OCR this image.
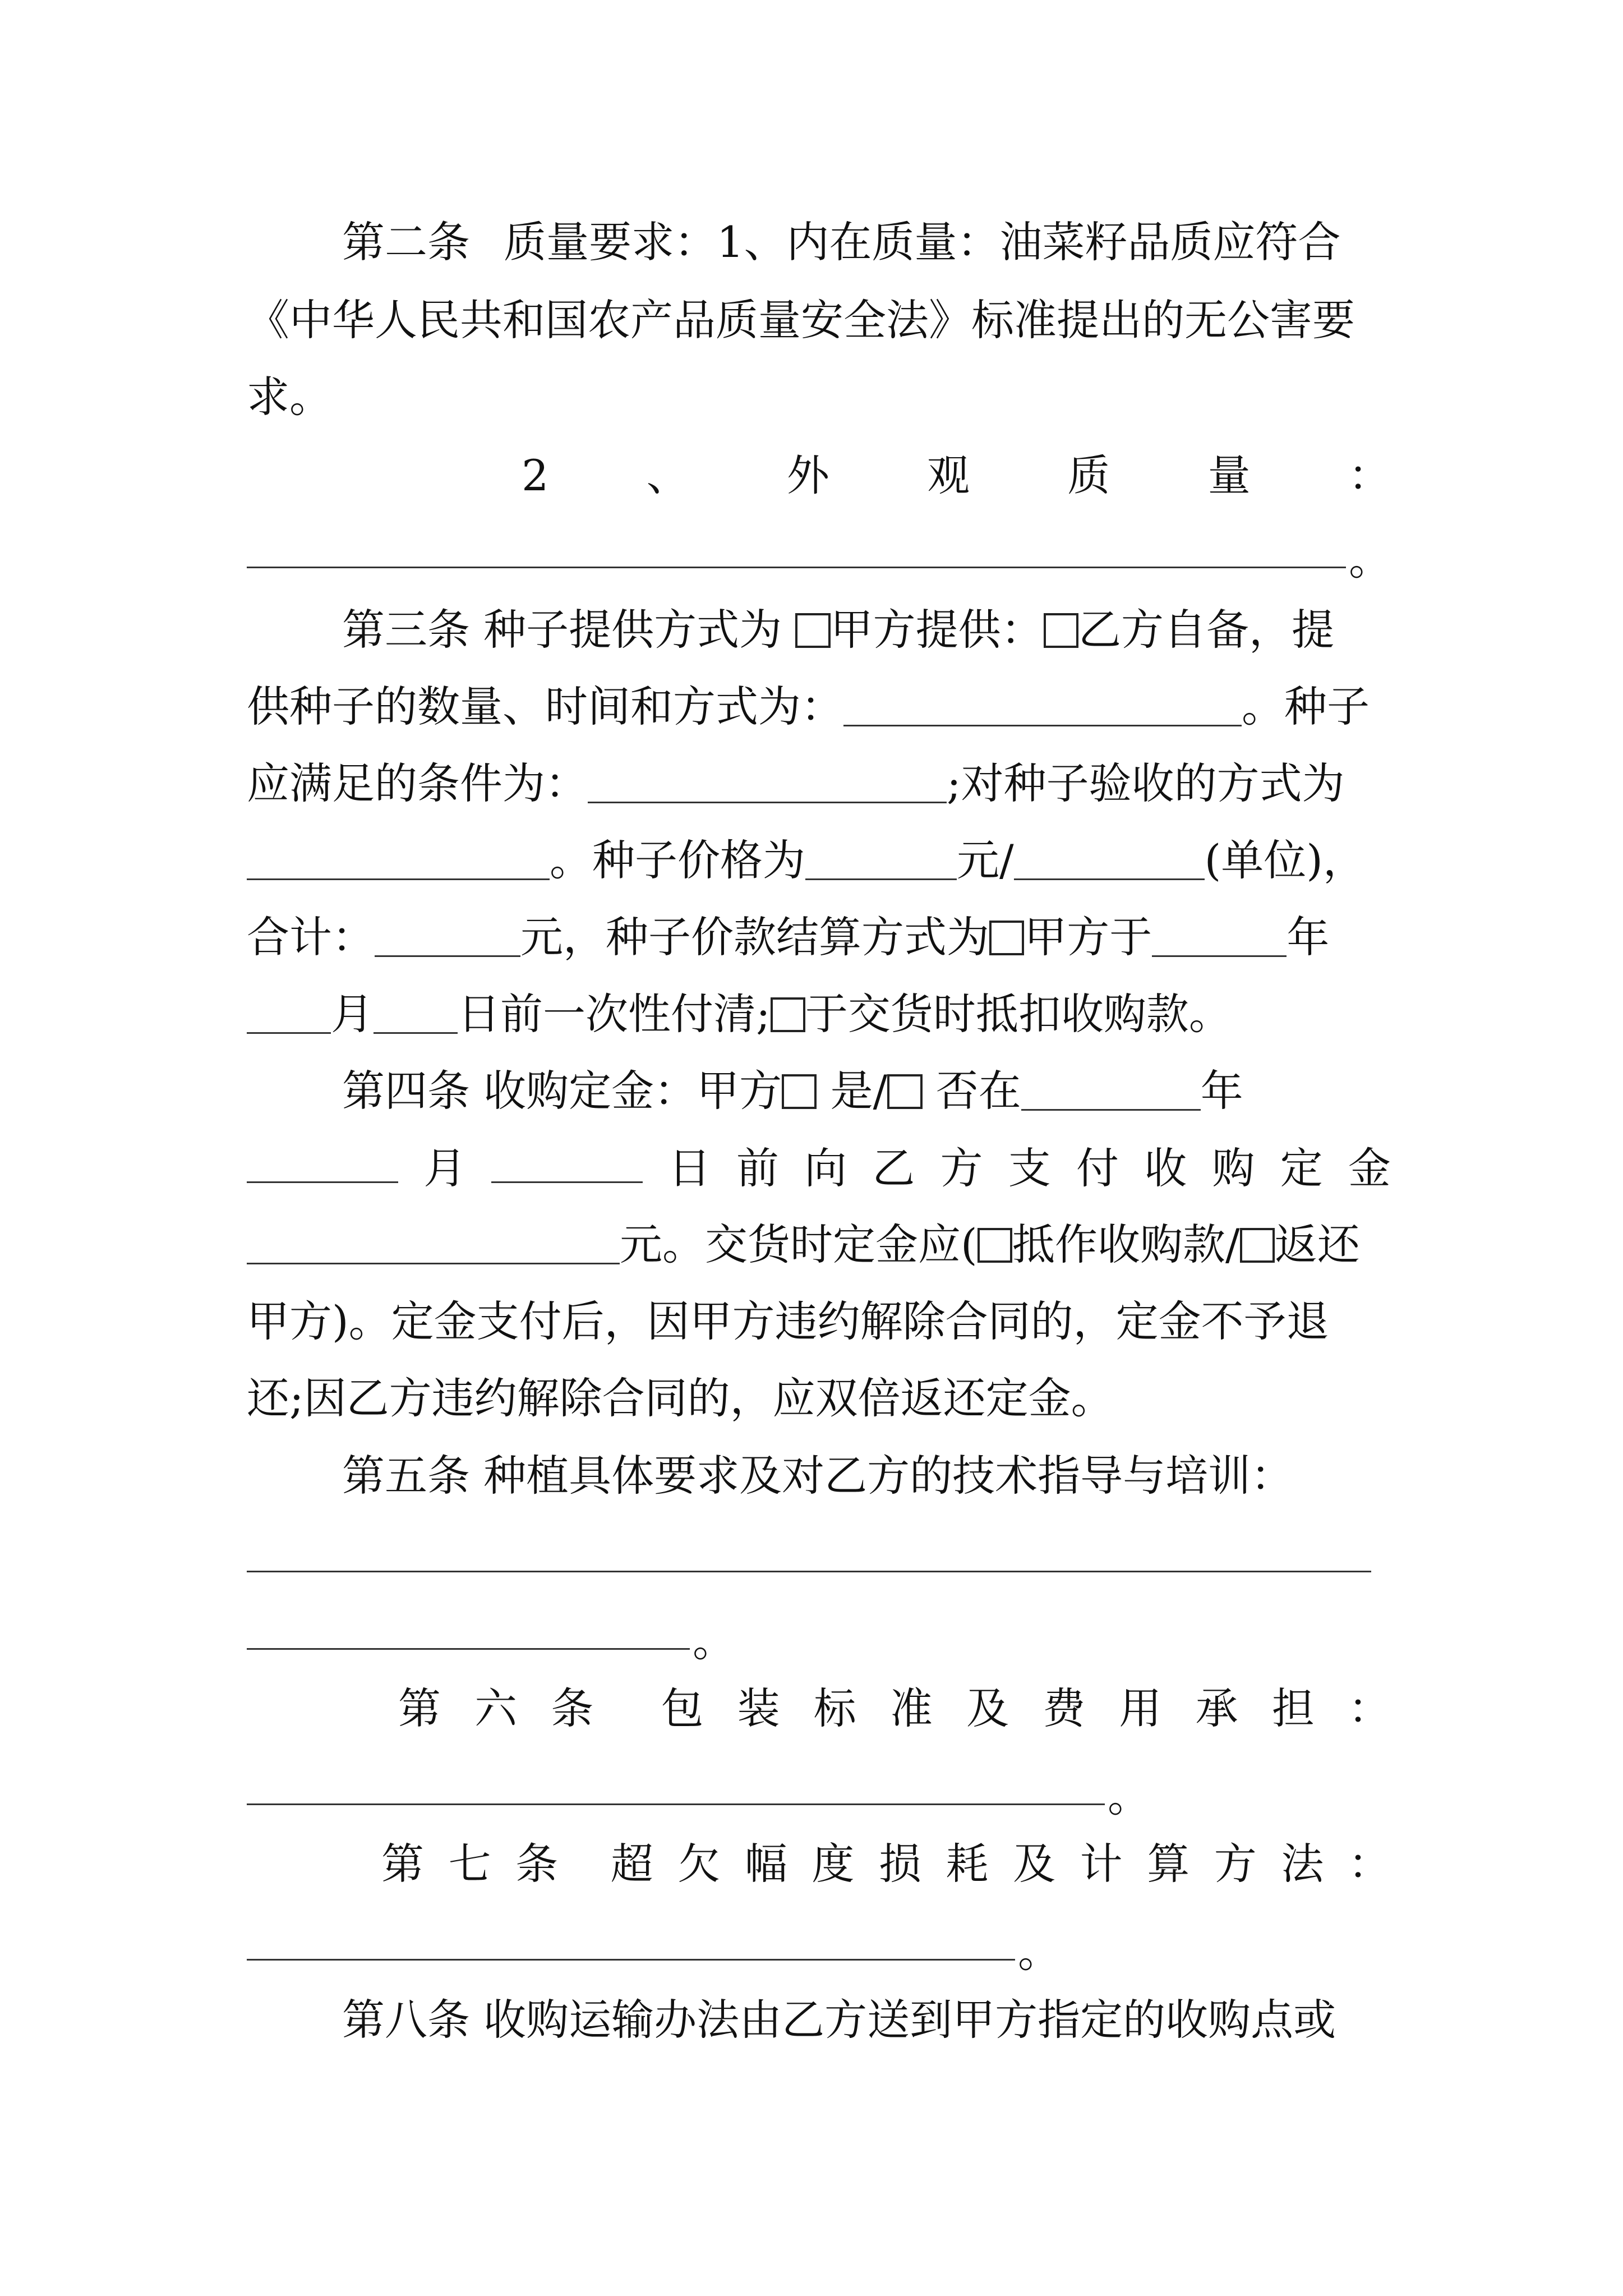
第二条 质量要求：1、内在质量：油菜籽品质应符合
《中华人民共和国农产品质量安全法》标准提出的无公害要
求。
2 、 外 观 质 量 ：
。
第三条 种子提供方式为 甲方提供： 乙方自备，提
供种子的数量、时间和方式为：	。种子
应满足的条件为：	;对种子验收的方式为
。种子价格为	元/	(单位)，
合计：	元，种子价款结算方式为 甲方于	年
月 日前一次性付清; 于交货时抵扣收购款。
第四条 收购定金：甲方 是/ 否在	年
月	日 前 向 乙 方 支 付 收 购 定 金
元。交货时定金应( 抵作收购款/ 返还
甲方)。定金支付后，因甲方违约解除合同的，定金不予退
还;因乙方违约解除合同的，应双倍返还定金。
第五条 种植具体要求及对乙方的技术指导与培训：
。
第 六 条 包 装 标 准 及 费 用 承 担 ：
。
第 七 条 超 欠 幅 度 损 耗 及 计 算 方 法 ：
。
第八条 收购运输办法由乙方送到甲方指定的收购点或
